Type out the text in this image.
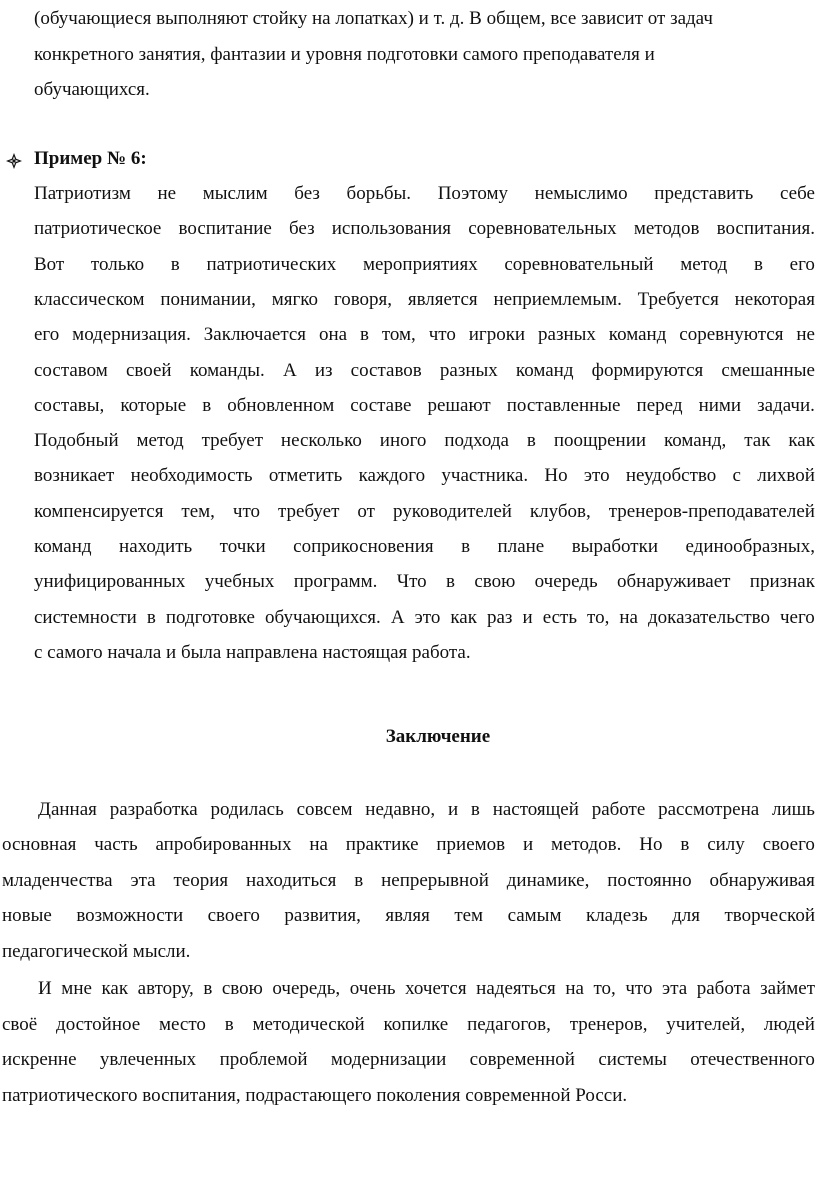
(обучающиеся выполняют стойку на лопатках) и т. д. В общем, все зависит от задач
конкретного занятия, фантазии и уровня подготовки самого преподавателя и
обучающихся.
Пример № 6:
Патриотизм не мыслим без борьбы. Поэтому немыслимо представить себе
патриотическое воспитание без использования соревновательных методов воспитания.
Вот только в патриотических мероприятиях соревновательный метод в его
классическом понимании, мягко говоря, является неприемлемым. Требуется некоторая
его модернизация. Заключается она в том, что игроки разных команд соревнуются не
составом своей команды. А из составов разных команд формируются смешанные
составы, которые в обновленном составе решают поставленные перед ними задачи.
Подобный метод требует несколько иного подхода в поощрении команд, так как
возникает необходимость отметить каждого участника. Но это неудобство с лихвой
компенсируется тем, что требует от руководителей клубов, тренеров-преподавателей
команд находить точки соприкосновения в плане выработки единообразных,
унифицированных учебных программ. Что в свою очередь обнаруживает признак
системности в подготовке обучающихся. А это как раз и есть то, на доказательство чего
с самого начала и была направлена настоящая работа.
Заключение
Данная разработка родилась совсем недавно, и в настоящей работе рассмотрена лишь
основная часть апробированных на практике приемов и методов. Но в силу своего
младенчества эта теория находиться в непрерывной динамике, постоянно обнаруживая
новые возможности своего развития, являя тем самым кладезь для творческой
педагогической мысли.
И мне как автору, в свою очередь, очень хочется надеяться на то, что эта работа займет
своё достойное место в методической копилке педагогов, тренеров, учителей, людей
искренне увлеченных проблемой модернизации современной системы отечественного
патриотического воспитания, подрастающего поколения современной Росси.
